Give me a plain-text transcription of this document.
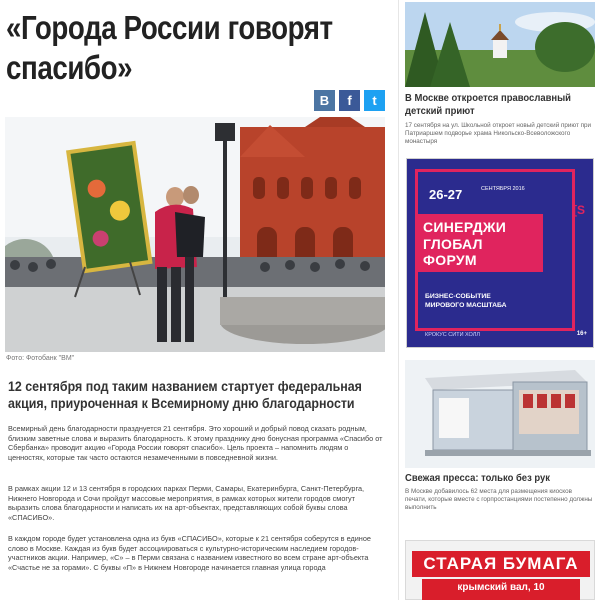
«Города России говорят спасибо»
В	f	t
Фото: Фотобанк "ВМ"
12 сентября под таким названием стартует федеральная акция, приуроченная к Всемирному дню благодарности

Всемирный день благодарности празднуется 21 сентября. Это хороший и добрый повод сказать родным, близким заветные слова и выразить благодарность. К этому празднику дню бонусная программа «Спасибо от Сбербанка» проводит акцию «Города России говорят спасибо». Цель проекта – напомнить людям о ценностях, которые так часто остаются незамеченными в повседневной жизни.

В рамках акции 12 и 13 сентября в городских парках Перми, Самары, Екатеринбурга, Санкт-Петербурга, Нижнего Новгорода и Сочи пройдут массовые мероприятия, в рамках которых жители городов смогут выразить слова благодарности и написать их на арт-объектах, представляющих собой буквы слова «СПАСИБО».

В каждом городе будет установлена одна из букв «СПАСИБО», которые к 21 сентября соберутся в единое слово в Москве. Каждая из букв будет ассоциироваться с культурно-историческим наследием городов-участников акции. Например, «С» – в Перми связана с названием известного во всем стране арт-объекта «Счастье не за горами». С буквы «П» в Нижнем Новгороде начинается главная улица города

В Москве откроется православный детский приют

17 сентября на ул. Школьной откроет новый детский приют при Патриаршем подворье храма Никольско-Всеволожского монастыря

26-27	СЕНТЯБРЯ 2016
[S
СИНЕРДЖИ
ГЛОБАЛ
ФОРУМ
БИЗНЕС-СОБЫТИЕ
МИРОВОГО МАСШТАБА
КРОКУС СИТИ ХОЛЛ	16+
Свежая пресса: только без рук

В Москве добавилось 62 места для размещения киосков печати, которые вместе с горпростанциями постепенно должны выполнить

СТАРАЯ БУМАГА
крымский вал, 10
